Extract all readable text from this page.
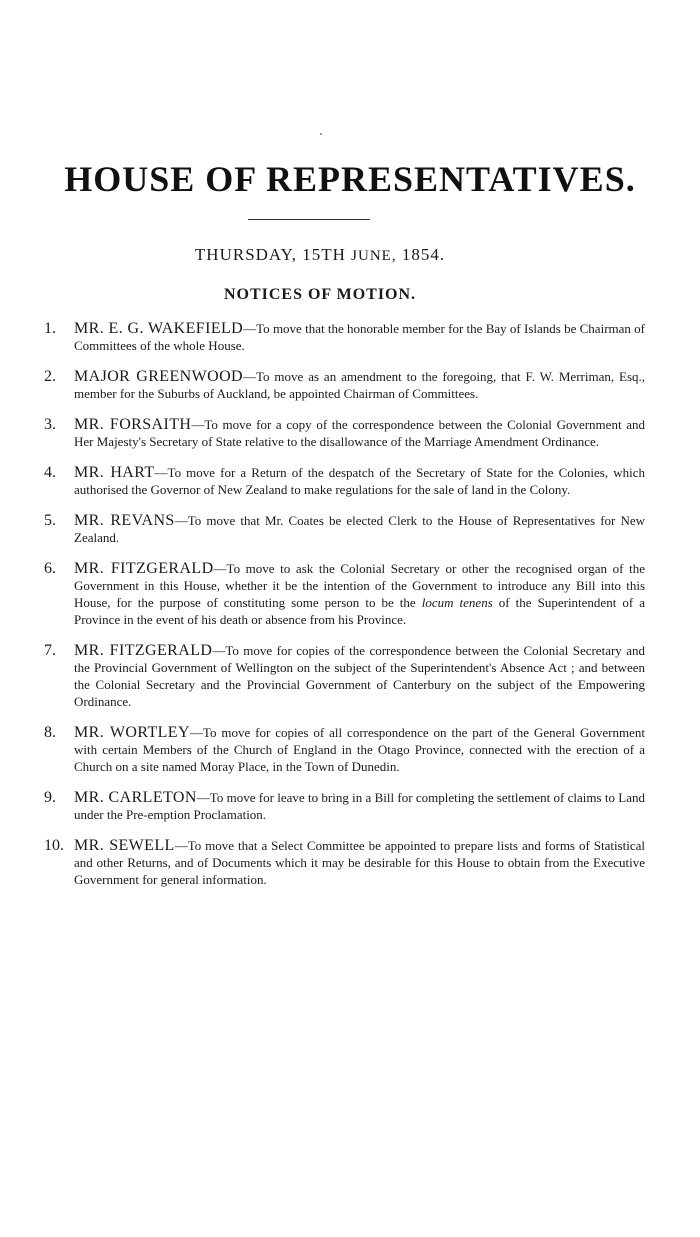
HOUSE OF REPRESENTATIVES.

THURSDAY, 15TH JUNE, 1854.

NOTICES OF MOTION.
1. MR. E. G. WAKEFIELD—To move that the honorable member for the Bay of Islands be Chairman of Committees of the whole House.
2. MAJOR GREENWOOD—To move as an amendment to the foregoing, that F. W. Merriman, Esq., member for the Suburbs of Auckland, be appointed Chairman of Committees.
3. MR. FORSAITH—To move for a copy of the correspondence between the Colonial Government and Her Majesty's Secretary of State relative to the disallowance of the Marriage Amendment Ordinance.
4. MR. HART—To move for a Return of the despatch of the Secretary of State for the Colonies, which authorised the Governor of New Zealand to make regulations for the sale of land in the Colony.
5. MR. REVANS—To move that Mr. Coates be elected Clerk to the House of Representatives for New Zealand.
6. MR. FITZGERALD—To move to ask the Colonial Secretary or other the recognised organ of the Government in this House, whether it be the intention of the Government to introduce any Bill into this House, for the purpose of constituting some person to be the locum tenens of the Superintendent of a Province in the event of his death or absence from his Province.
7. MR. FITZGERALD—To move for copies of the correspondence between the Colonial Secretary and the Provincial Government of Wellington on the subject of the Superintendent's Absence Act ; and between the Colonial Secretary and the Provincial Government of Canterbury on the subject of the Empowering Ordinance.
8. MR. WORTLEY—To move for copies of all correspondence on the part of the General Government with certain Members of the Church of England in the Otago Province, connected with the erection of a Church on a site named Moray Place, in the Town of Dunedin.
9. MR. CARLETON—To move for leave to bring in a Bill for completing the settlement of claims to Land under the Pre-emption Proclamation.
10. MR. SEWELL—To move that a Select Committee be appointed to prepare lists and forms of Statistical and other Returns, and of Documents which it may be desirable for this House to obtain from the Executive Government for general information.
